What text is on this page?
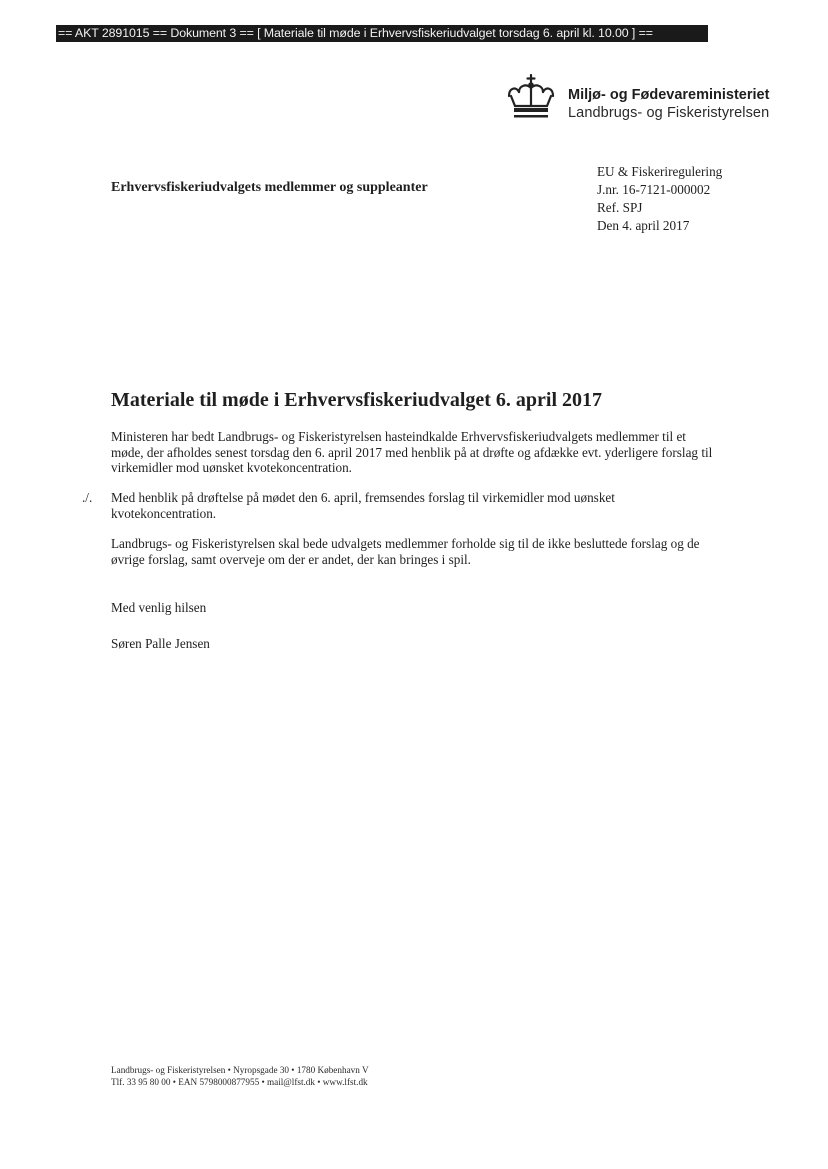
== AKT 2891015 == Dokument 3 == [ Materiale til møde i Erhvervsfiskeriudvalget torsdag 6. april kl. 10.00 ] ==
Miljø- og Fødevareministeriet
Landbrugs- og Fiskeristyrelsen
Erhvervsfiskeriudvalgets medlemmer og suppleanter
EU & Fiskeriregulering
J.nr. 16-7121-000002
Ref. SPJ
Den 4. april 2017
Materiale til møde i Erhvervsfiskeriudvalget 6. april 2017
Ministeren har bedt Landbrugs- og Fiskeristyrelsen hasteindkalde Erhvervsfiskeriudvalgets medlemmer til et møde, der afholdes senest torsdag den 6. april 2017 med henblik på at drøfte og afdække evt. yderligere forslag til virkemidler mod uønsket kvotekoncentration.
./. Med henblik på drøftelse på mødet den 6. april, fremsendes forslag til virkemidler mod uønsket kvotekoncentration.
Landbrugs- og Fiskeristyrelsen skal bede udvalgets medlemmer forholde sig til de ikke besluttede forslag og de øvrige forslag, samt overveje om der er andet, der kan bringes i spil.
Med venlig hilsen
Søren Palle Jensen
Landbrugs- og Fiskeristyrelsen • Nyropsgade 30 • 1780 København V
Tlf. 33 95 80 00 • EAN 5798000877955 • mail@lfst.dk • www.lfst.dk
